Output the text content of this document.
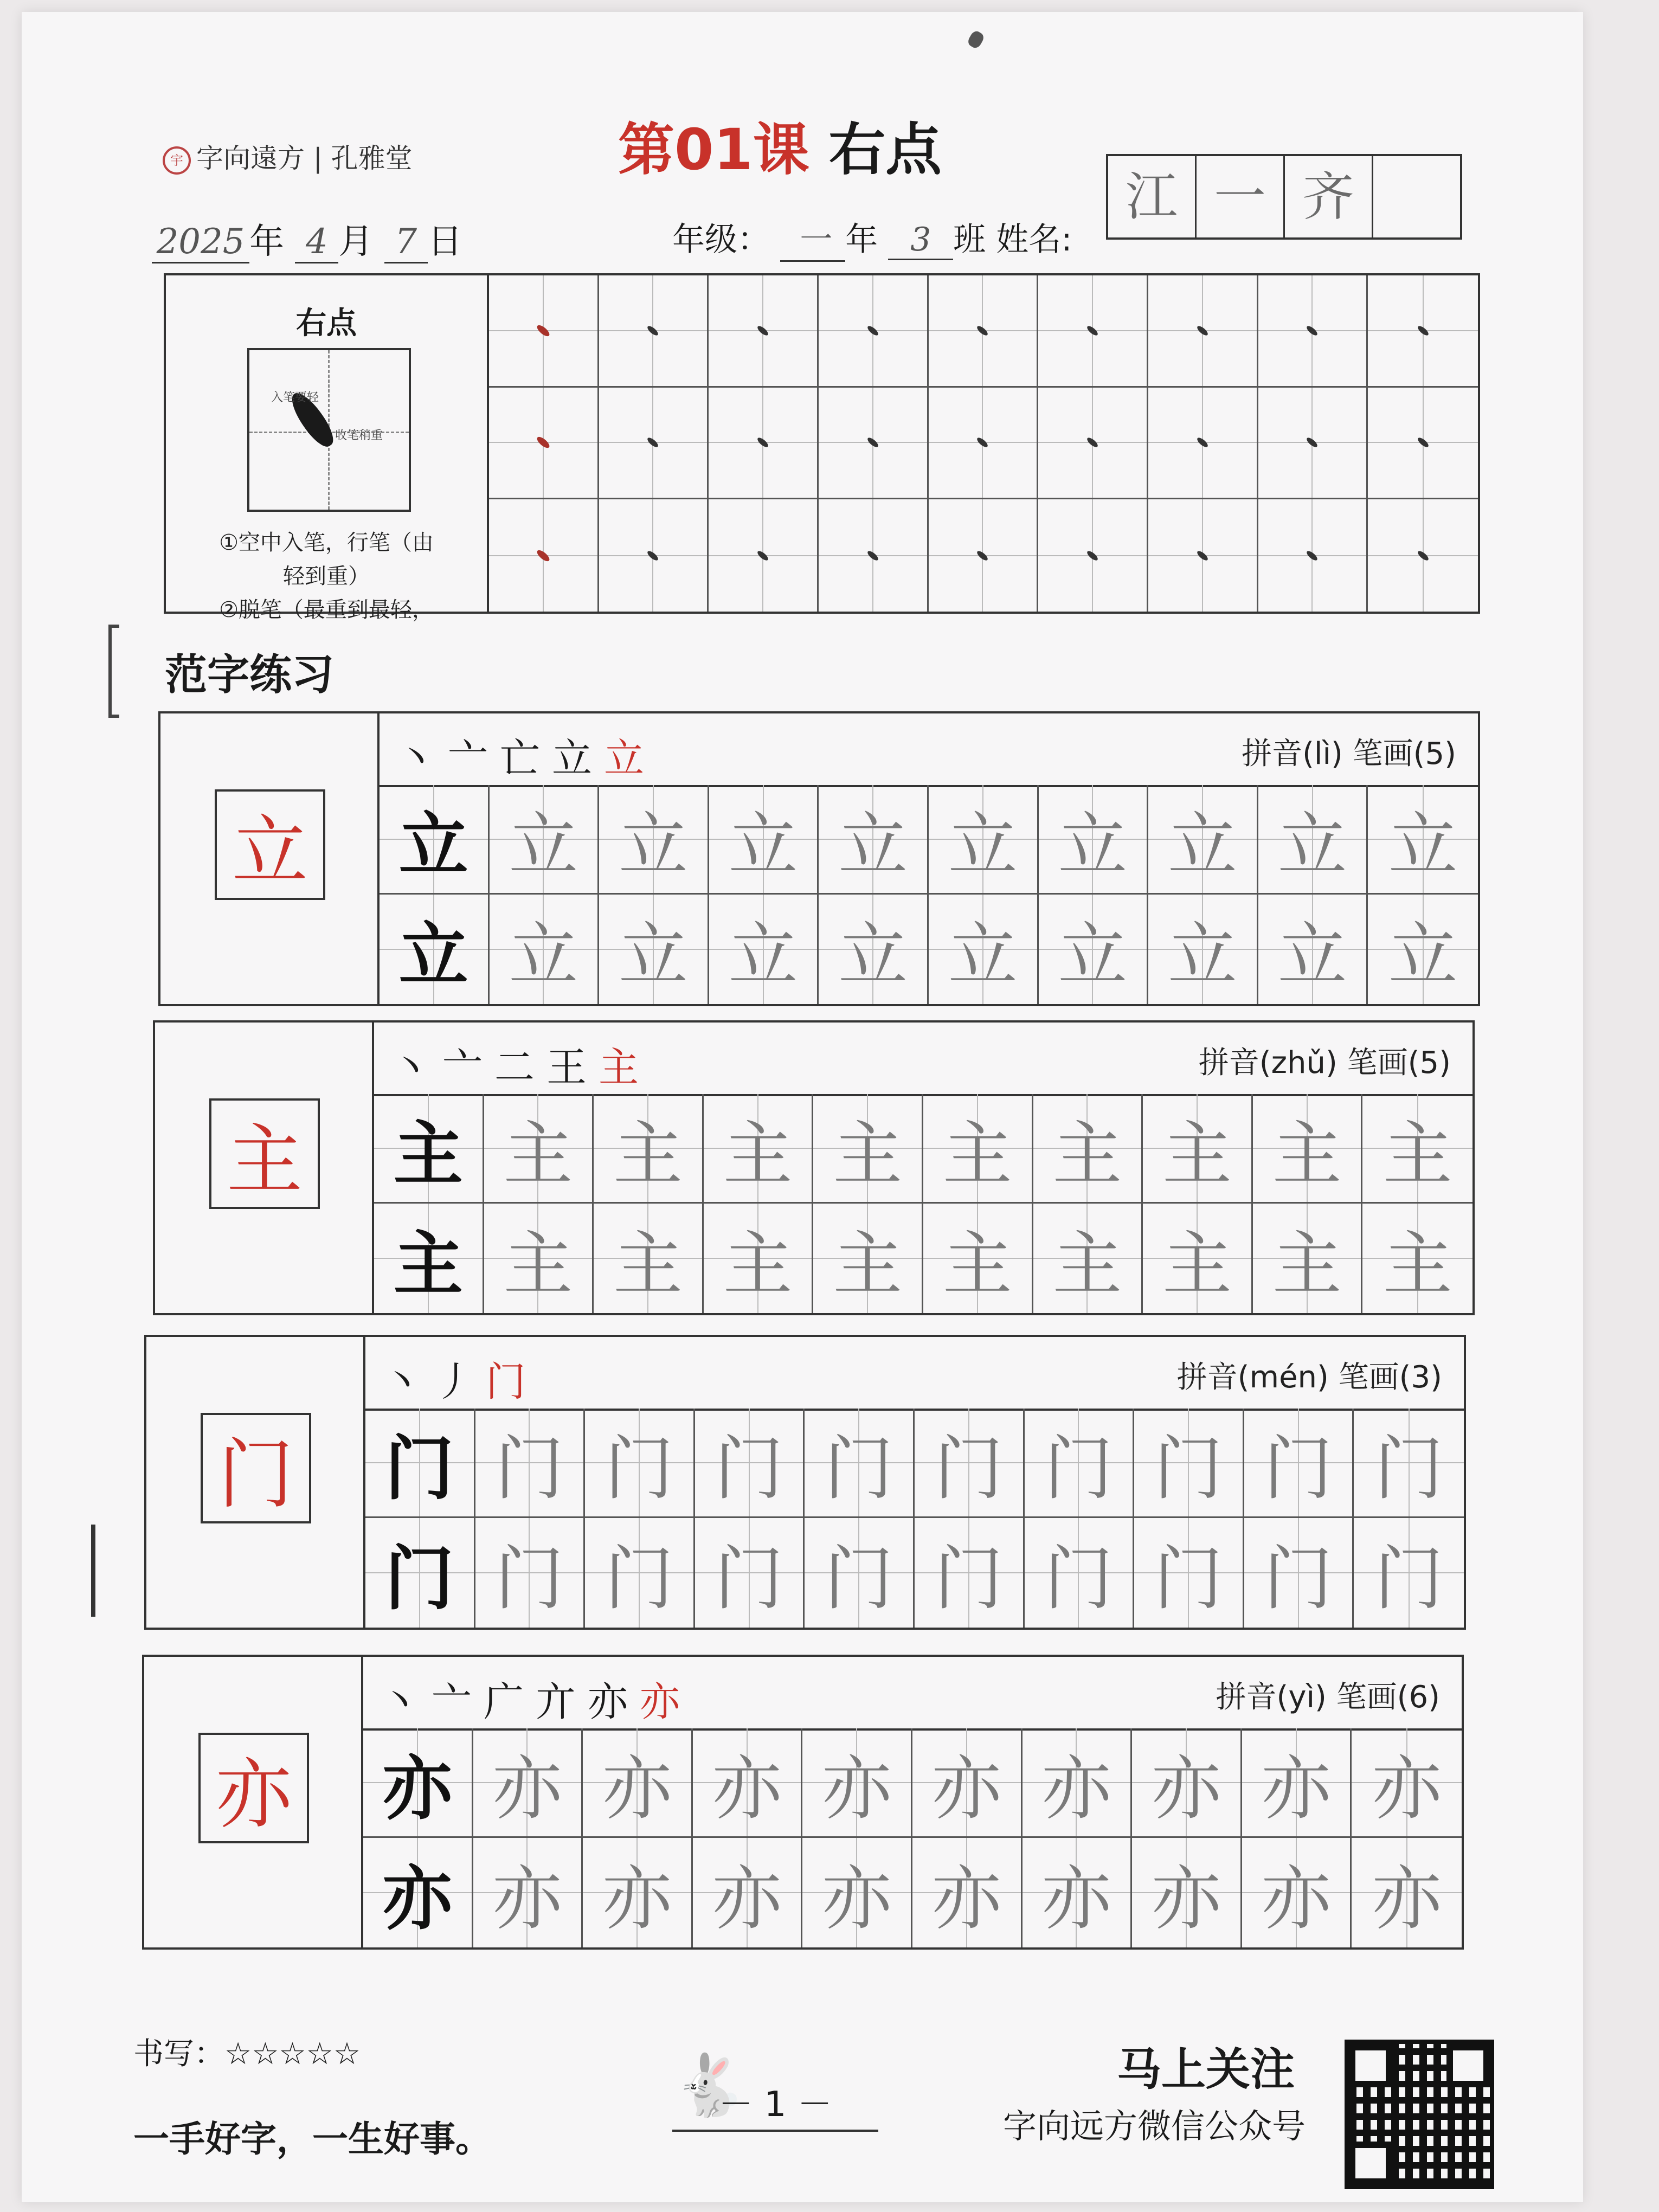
宇 字向遠方 | 孔雅堂	第01课 右点
2025 年 4 月 7 日	年级： 一 年 3 班 姓名:
江 一 齐
右点
入笔要轻
收笔稍重
①空中入笔，行笔（由
轻到重）
②脱笔（最重到最轻，
范字练习
立
丶亠亡立立	拼音(lì) 笔画(5)
立 立 立 立 立 立 立 立 立 立
立 立 立 立 立 立 立 立 立 立
主
丶亠二王主	拼音(zhǔ) 笔画(5)
主 主 主 主 主 主 主 主 主 主
主 主 主 主 主 主 主 主 主 主
门
丶丿门	拼音(mén) 笔画(3)
门 门 门 门 门 门 门 门 门 门
门 门 门 门 门 门 门 门 门 门
亦
丶亠广亣亦亦	拼音(yì) 笔画(6)
亦 亦 亦 亦 亦 亦 亦 亦 亦 亦
亦 亦 亦 亦 亦 亦 亦 亦 亦 亦
书写：☆☆☆☆☆
一手好字，一生好事。
🐇
－ 1 －
马上关注
字向远方微信公众号
